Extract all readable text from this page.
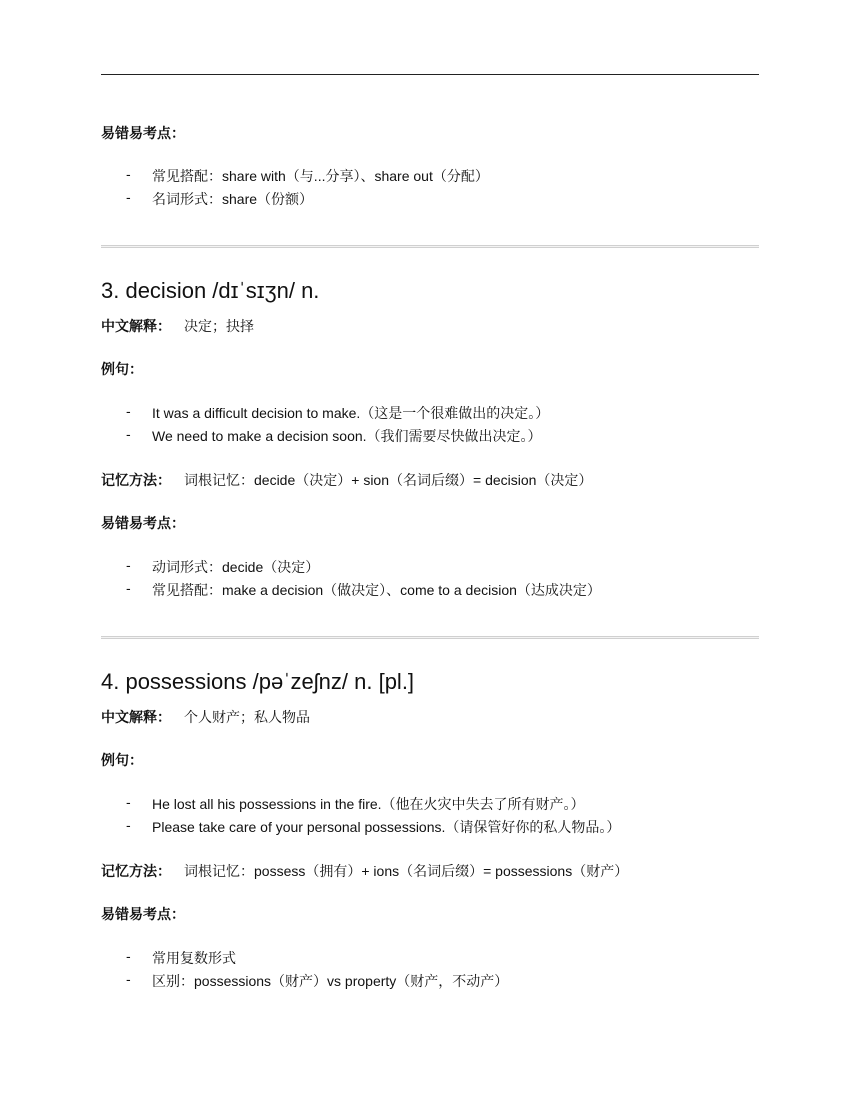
易错易考点：
- 常见搭配：share with（与...分享）、share out（分配）
- 名词形式：share（份额）
3. decision /dɪˈsɪʒn/ n.
中文解释： 决定；抉择
例句：
- It was a difficult decision to make.（这是一个很难做出的决定。）
- We need to make a decision soon.（我们需要尽快做出决定。）
记忆方法： 词根记忆：decide（决定）+ sion（名词后缀）= decision（决定）
易错易考点：
- 动词形式：decide（决定）
- 常见搭配：make a decision（做决定）、come to a decision（达成决定）
4. possessions /pəˈzeʃnz/ n. [pl.]
中文解释： 个人财产；私人物品
例句：
- He lost all his possessions in the fire.（他在火灾中失去了所有财产。）
- Please take care of your personal possessions.（请保管好你的私人物品。）
记忆方法： 词根记忆：possess（拥有）+ ions（名词后缀）= possessions（财产）
易错易考点：
- 常用复数形式
- 区别：possessions（财产）vs property（财产，不动产）
